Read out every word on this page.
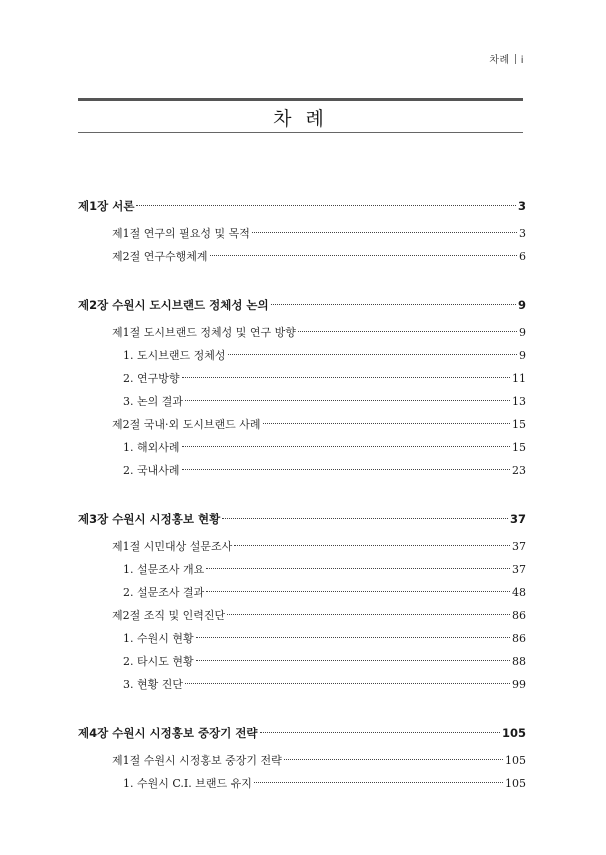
차례 i
차 례
제1장 서론	3
제1절 연구의 필요성 및 목적	3
제2절 연구수행체계	6
제2장 수원시 도시브랜드 정체성 논의	9
제1절 도시브랜드 정체성 및 연구 방향	9
1. 도시브랜드 정체성	9
2. 연구방향	11
3. 논의 결과	13
제2절 국내·외 도시브랜드 사례	15
1. 해외사례	15
2. 국내사례	23
제3장 수원시 시정홍보 현황	37
제1절 시민대상 설문조사	37
1. 설문조사 개요	37
2. 설문조사 결과	48
제2절 조직 및 인력진단	86
1. 수원시 현황	86
2. 타시도 현황	88
3. 현황 진단	99
제4장 수원시 시정홍보 중장기 전략	105
제1절 수원시 시정홍보 중장기 전략	105
1. 수원시 C.I. 브랜드 유지	105
